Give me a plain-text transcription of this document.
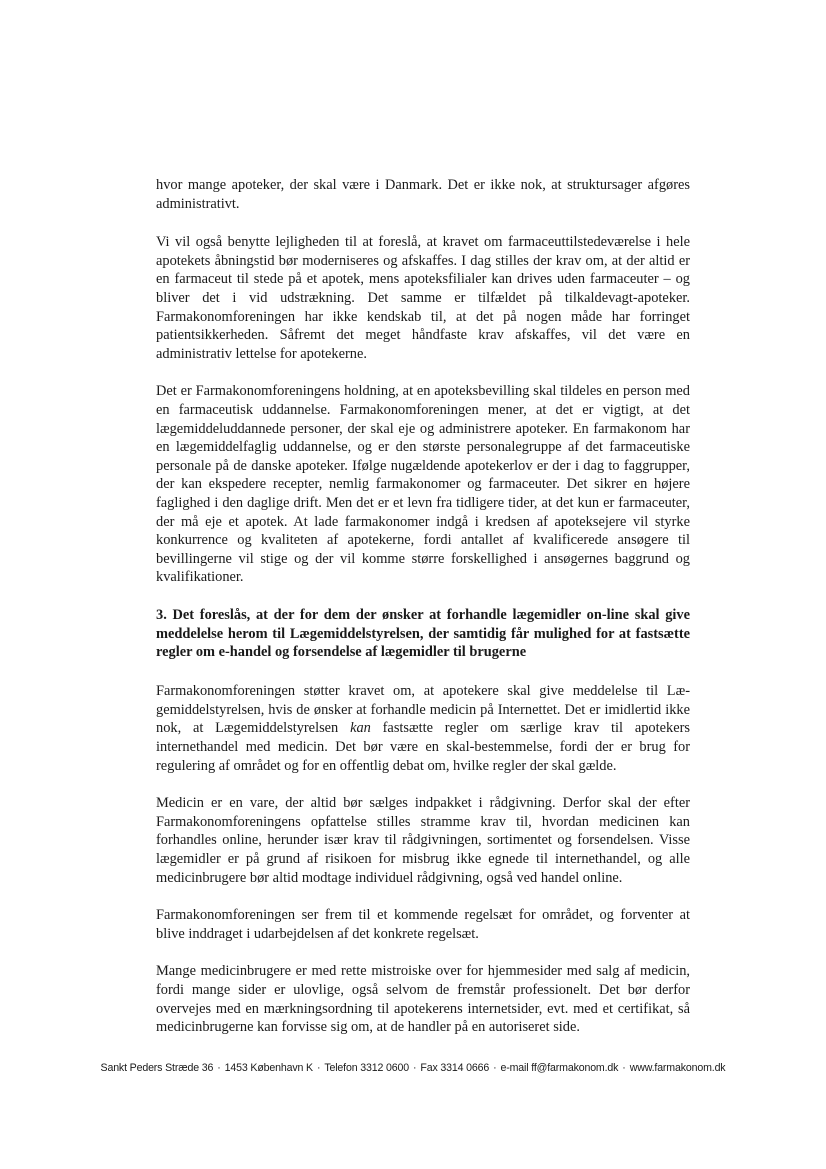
hvor mange apoteker, der skal være i Danmark. Det er ikke nok, at struktursager afgøres administrativt.

Vi vil også benytte lejligheden til at foreslå, at kravet om farmaceuttilstedeværelse i hele apotekets åbningstid bør moderniseres og afskaffes. I dag stilles der krav om, at der altid er en farmaceut til stede på et apotek, mens apoteksfilialer kan drives uden farmaceuter – og bliver det i vid udstrækning. Det samme er tilfældet på tilkaldevagt-apoteker. Farmakonomforeningen har ikke kendskab til, at det på nogen måde har forringet patientsikkerheden. Såfremt det meget håndfaste krav afskaffes, vil det være en administrativ lettelse for apotekerne.

Det er Farmakonomforeningens holdning, at en apoteksbevilling skal tildeles en person med en farmaceutisk uddannelse. Farmakonomforeningen mener, at det er vigtigt, at det lægemiddeluddannede personer, der skal eje og administrere apoteker. En farmakonom har en lægemiddelfaglig uddannelse, og er den største personalegruppe af det farmaceutiske personale på de danske apoteker. Ifølge nugældende apotekerlov er der i dag to faggrupper, der kan ekspedere recepter, nemlig farmakonomer og farmaceuter. Det sikrer en højere faglighed i den daglige drift. Men det er et levn fra tidligere tider, at det kun er farmaceuter, der må eje et apotek. At lade farmakonomer indgå i kredsen af apoteksejere vil styrke konkurrence og kvaliteten af apotekerne, fordi antallet af kvalificerede ansøgere til bevillingerne vil stige og der vil komme større forskellighed i ansøgernes baggrund og kvalifikationer.

3. Det foreslås, at der for dem der ønsker at forhandle lægemidler on-line skal give meddelelse herom til Lægemiddelstyrelsen, der samtidig får mulighed for at fastsætte regler om e-handel og forsendelse af lægemidler til brugerne

Farmakonomforeningen støtter kravet om, at apotekere skal give meddelelse til Lægemiddelstyrelsen, hvis de ønsker at forhandle medicin på Internettet. Det er imidlertid ikke nok, at Lægemiddelstyrelsen kan fastsætte regler om særlige krav til apotekers internethandel med medicin. Det bør være en skal-bestemmelse, fordi der er brug for regulering af området og for en offentlig debat om, hvilke regler der skal gælde.

Medicin er en vare, der altid bør sælges indpakket i rådgivning. Derfor skal der efter Farmakonomforeningens opfattelse stilles stramme krav til, hvordan medicinen kan forhandles online, herunder især krav til rådgivningen, sortimentet og forsendelsen. Visse lægemidler er på grund af risikoen for misbrug ikke egnede til internethandel, og alle medicinbrugere bør altid modtage individuel rådgivning, også ved handel online.

Farmakonomforeningen ser frem til et kommende regelsæt for området, og forventer at blive inddraget i udarbejdelsen af det konkrete regelsæt.

Mange medicinbrugere er med rette mistroiske over for hjemmesider med salg af medicin, fordi mange sider er ulovlige, også selvom de fremstår professionelt. Det bør derfor overvejes med en mærkningsordning til apotekerens internetsider, evt. med et certifikat, så medicinbrugerne kan forvisse sig om, at de handler på en autoriseret side.

Sankt Peders Stræde 36 · 1453 København K · Telefon 3312 0600 · Fax 3314 0666 · e-mail ff@farmakonom.dk · www.farmakonom.dk
